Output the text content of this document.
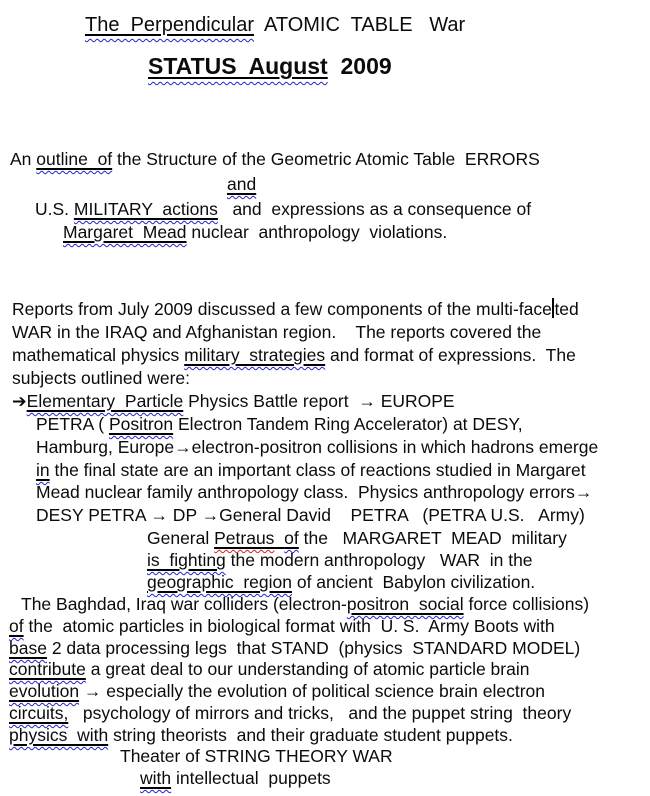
The  Perpendicular  ATOMIC  TABLE   War
STATUS  August  2009
An outline  of the Structure of the Geometric Atomic Table  ERRORS
and
U.S. MILITARY  actions   and  expressions as a consequence of
Margaret  Mead nuclear  anthropology  violations.
Reports from July 2009 discussed a few components of the multi-face ted
WAR in the IRAQ and Afghanistan region.    The reports covered the
mathematical physics military  strategies and format of expressions.  The
subjects outlined were:
➔Elementary  Particle Physics Battle report  → EUROPE
PETRA ( Positron Electron Tandem Ring Accelerator) at DESY,
Hamburg, Europe→electron-positron collisions in which hadrons emerge
in the final state are an important class of reactions studied in Margaret
Mead nuclear family anthropology class.  Physics anthropology errors→
DESY PETRA → DP →General David    PETRA   (PETRA U.S.   Army)
General Petraus of the   MARGARET  MEAD  military
is  fighting the modern anthropology   WAR  in the
geographic  region of ancient  Babylon civilization.
The Baghdad, Iraq war colliders (electron-positron  social force collisions)
of the  atomic particles in biological format with  U. S.  Army Boots with
base 2 data processing legs  that STAND  (physics  STANDARD MODEL)
contribute a great deal to our understanding of atomic particle brain
evolution → especially the evolution of political science brain electron
circuits,   psychology of mirrors and tricks,   and the puppet string  theory
physics  with string theorists  and their graduate student puppets.
Theater of STRING THEORY WAR
with intellectual  puppets
